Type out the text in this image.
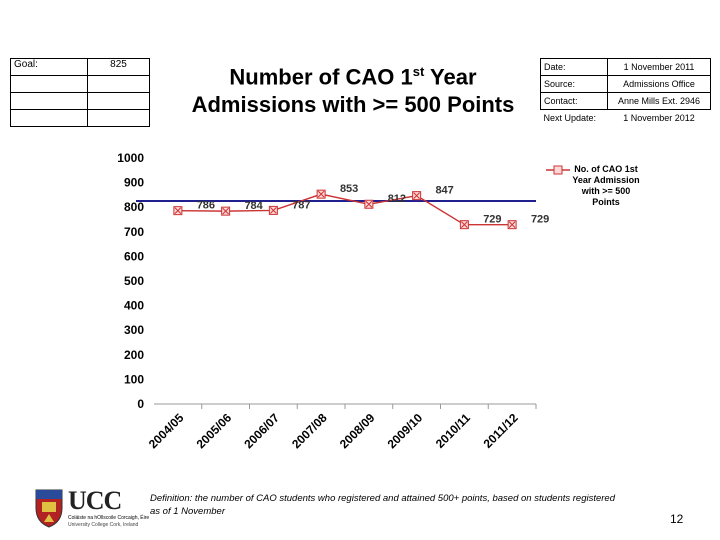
Goal:	825

		Number of CAO 1st Year
Admissions with >= 500 Points
Date:	1 November 2011
Source:	Admissions Office
Contact:	Anne Mills Ext. 2946
Next Update:	1 November 2012
0
100
200
300
400
500
600
700
800
900
1000
2004/05 2005/06 2006/07 2007/08 2008/09 2009/10 2010/11 2011/12
786	784	787
853
812
847
729	729
No. of CAO 1st
Year Admission
with >= 500
Points
Definition: the number of CAO students who registered and attained 500+ points, based on students registered as of 1 November
UCC
Coláiste na hOllscoile Corcaigh, Éire
University College Cork, Ireland	12
